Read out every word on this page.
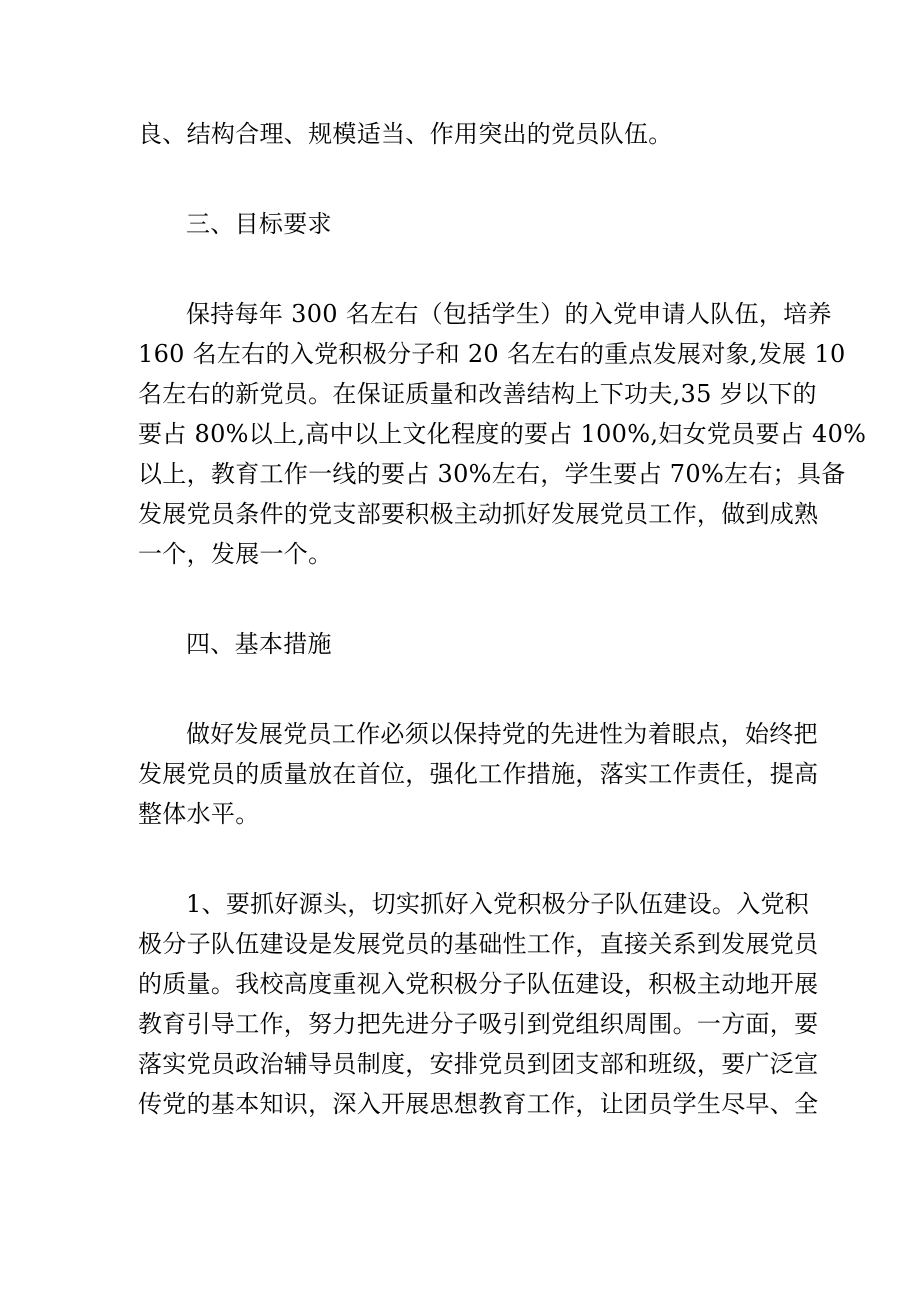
良、结构合理、规模适当、作用突出的党员队伍。
三、目标要求
保持每年 300 名左右（包括学生）的入党申请人队伍，培养
160 名左右的入党积极分子和 20 名左右的重点发展对象,发展 10
名左右的新党员。在保证质量和改善结构上下功夫,35 岁以下的
要占 80%以上,高中以上文化程度的要占 100%,妇女党员要占 40%
以上，教育工作一线的要占 30%左右，学生要占 70%左右；具备
发展党员条件的党支部要积极主动抓好发展党员工作，做到成熟
一个，发展一个。
四、基本措施
做好发展党员工作必须以保持党的先进性为着眼点，始终把
发展党员的质量放在首位，强化工作措施，落实工作责任，提高
整体水平。
1、要抓好源头，切实抓好入党积极分子队伍建设。入党积
极分子队伍建设是发展党员的基础性工作，直接关系到发展党员
的质量。我校高度重视入党积极分子队伍建设，积极主动地开展
教育引导工作，努力把先进分子吸引到党组织周围。一方面，要
落实党员政治辅导员制度，安排党员到团支部和班级，要广泛宣
传党的基本知识，深入开展思想教育工作，让团员学生尽早、全
